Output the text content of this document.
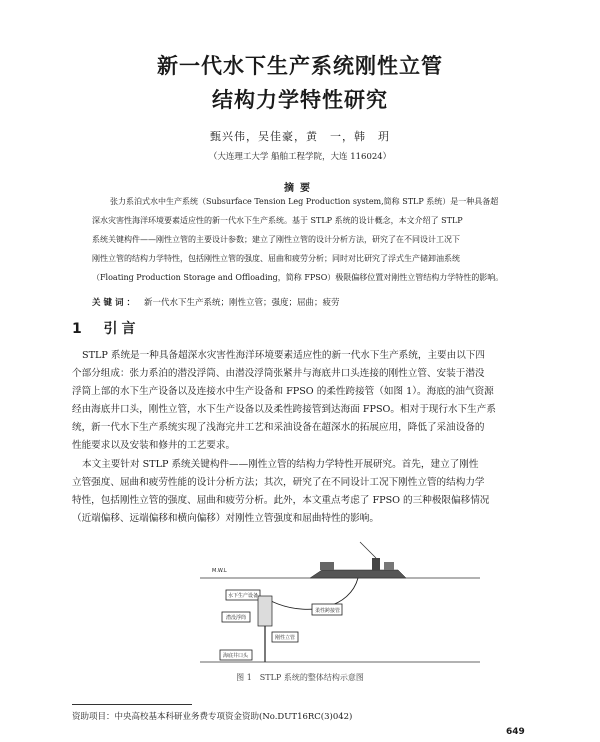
新一代水下生产系统刚性立管
结构力学特性研究
甄兴伟，吴佳豪，黄　一，韩　玥
（大连理工大学 船舶工程学院，大连 116024）
摘要
张力系泊式水中生产系统（Subsurface Tension Leg Production system,简称 STLP 系统）是一种具备超
深水灾害性海洋环境要素适应性的新一代水下生产系统。基于 STLP 系统的设计概念，本文介绍了 STLP
系统关键构件——刚性立管的主要设计参数；建立了刚性立管的设计分析方法，研究了在不同设计工况下
刚性立管的结构力学特性，包括刚性立管的强度、屈曲和疲劳分析；同时对比研究了浮式生产储卸油系统
（Floating Production Storage and Offloading，简称 FPSO）极限偏移位置对刚性立管结构力学特性的影响。
关键词： 新一代水下生产系统；刚性立管；强度；屈曲；疲劳
1 引言
STLP 系统是一种具备超深水灾害性海洋环境要素适应性的新一代水下生产系统，主要由以下四
个部分组成：张力系泊的潜没浮筒、由潜没浮筒张紧井与海底井口头连接的刚性立管、安装于潜没
浮筒上部的水下生产设备以及连接水中生产设备和 FPSO 的柔性跨接管（如图 1）。海底的油气资源
经由海底井口头，刚性立管，水下生产设备以及柔性跨接管到达海面 FPSO。相对于现行水下生产系
统，新一代水下生产系统实现了浅海完井工艺和采油设备在超深水的拓展应用，降低了采油设备的
性能要求以及安装和修井的工艺要求。
本文主要针对 STLP 系统关键构件——刚性立管的结构力学特性开展研究。首先，建立了刚性
立管强度、屈曲和疲劳性能的设计分析方法；其次，研究了在不同设计工况下刚性立管的结构力学
特性，包括刚性立管的强度、屈曲和疲劳分析。此外，本文重点考虑了 FPSO 的三种极限偏移情况
（近端偏移、远端偏移和横向偏移）对刚性立管强度和屈曲特性的影响。
M.W.L
柔性跨接管
水下生产设备
潜没浮筒
刚性立管
海底井口头
图 1　STLP 系统的整体结构示意图
资助项目：中央高校基本科研业务费专项资金资助(No.DUT16RC(3)042)
649
